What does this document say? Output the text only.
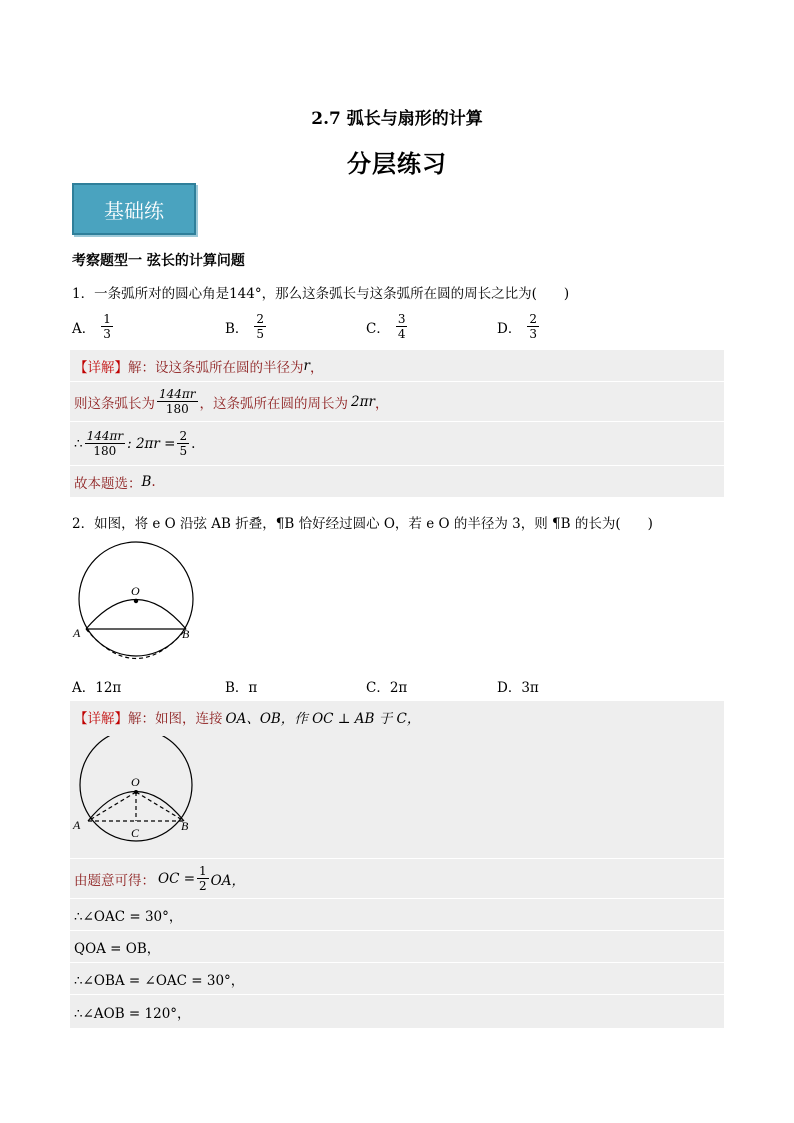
2.7 弧长与扇形的计算
分层练习
基础练
考察题型一 弦长的计算问题
1．一条弧所对的圆心角是144°，那么这条弧长与这条弧所在圆的周长之比为(　　)
A． $\frac{1}{3}$	B． $\frac{2}{5}$	C． $\frac{3}{4}$	D． $\frac{2}{3}$
【详解】 解：设这条弧所在圆的半径为 r ，
则这条弧长为
144πr
180 ，这条弧所在圆的周长为 2πr ，
∴ 144πr
180 : $2\pi r = \frac{2}{5}$ .
故本题选： B .
2．如图，将 e O 沿弦 AB 折叠，¶B 恰好经过圆心 O，若 e O 的半径为 3，则 ¶B 的长为(　　)
O
A	B
A．12π	B．π	C．2π	D．3π
【详解】 解：如图，连接 OA、OB，作 OC ⊥ AB 于 C，
O
A	B
C
由题意可得： OC = $\frac{1}{2}$ OA，
∴∠OAC = 30°，
QOA = OB，
∴∠OBA = ∠OAC = 30°，
∴∠AOB = 120°，
